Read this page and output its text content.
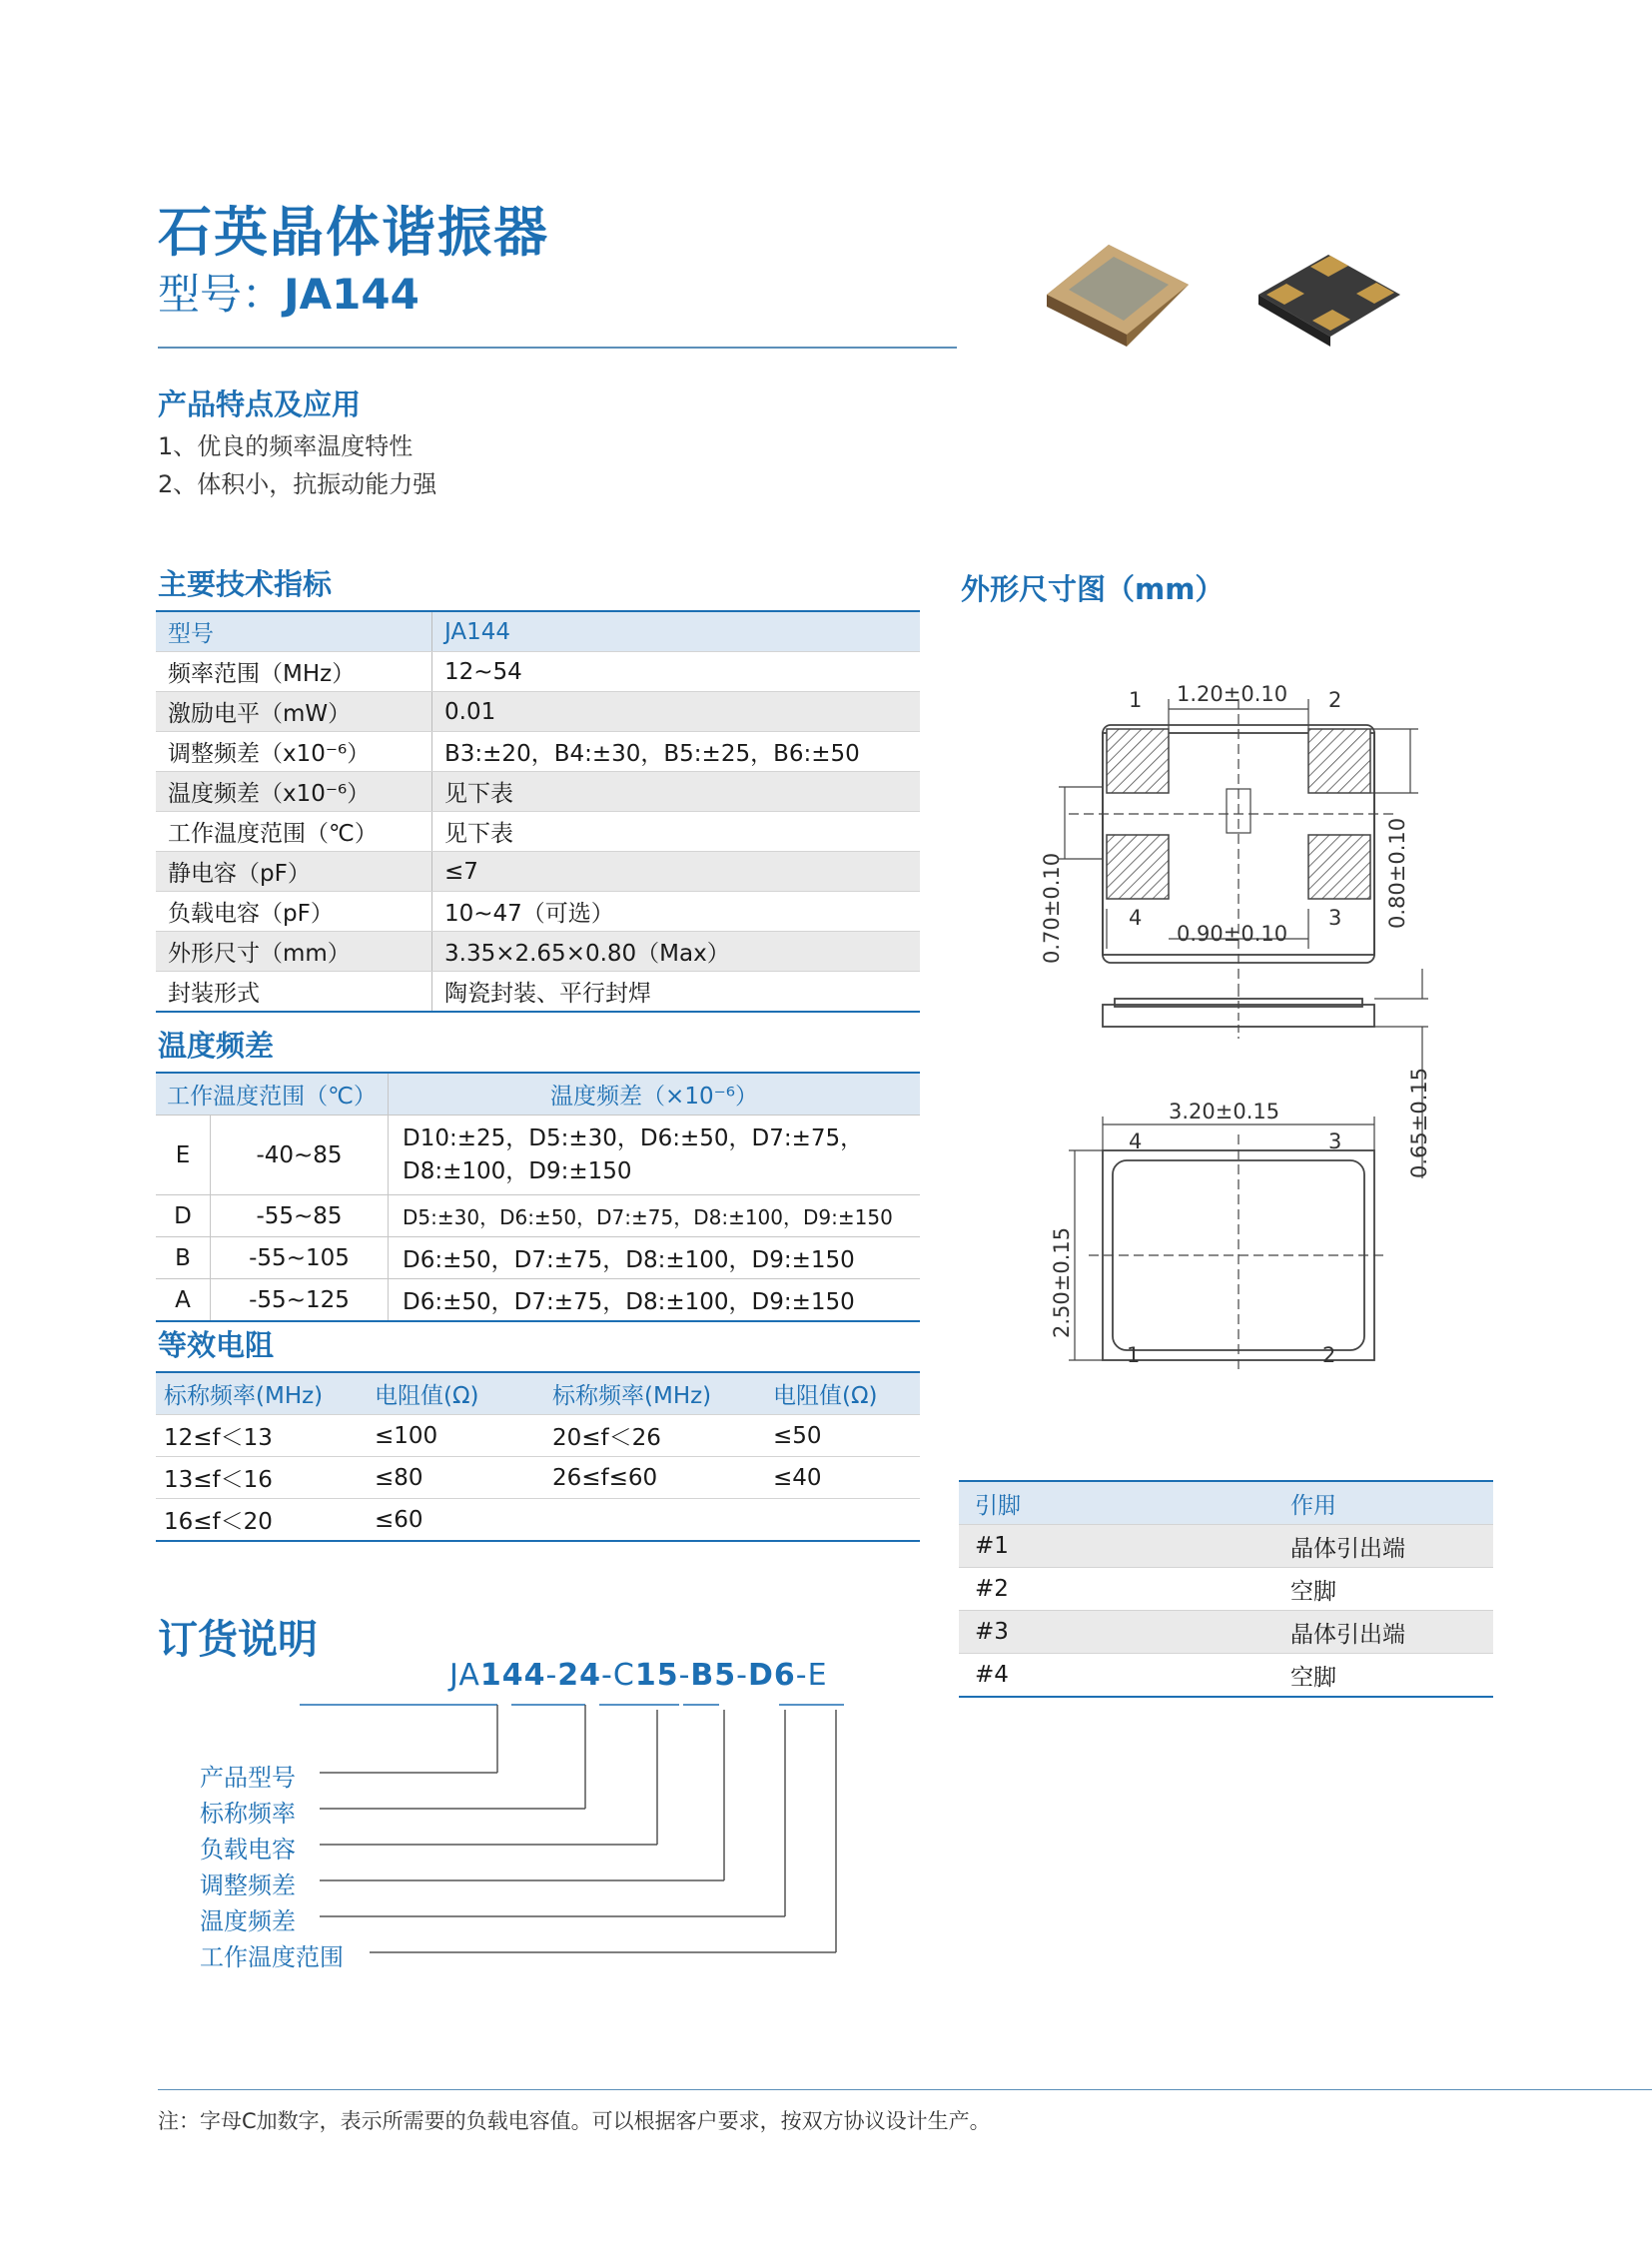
石英晶体谐振器
型号：JA144
产品特点及应用
1、优良的频率温度特性
2、体积小，抗振动能力强
主要技术指标
型号	JA144
频率范围（MHz）	12~54
激励电平（mW）	0.01
调整频差（x10⁻⁶）	B3:±20，B4:±30，B5:±25，B6:±50
温度频差（x10⁻⁶）	见下表
工作温度范围（℃）	见下表
静电容（pF）	≤7
负载电容（pF）	10~47（可选）
外形尺寸（mm）	3.35×2.65×0.80（Max）
封装形式	陶瓷封装、平行封焊
温度频差
工作温度范围（℃）		温度频差（×10⁻⁶）
E	-40~85	D10:±25，D5:±30，D6:±50，D7:±75，
D8:±100，D9:±150

D	-55~85	D5:±30，D6:±50，D7:±75，D8:±100，D9:±150
B	-55~105	D6:±50，D7:±75，D8:±100，D9:±150
A	-55~125	D6:±50，D7:±75，D8:±100，D9:±150
等效电阻
标称频率(MHz)	电阻值(Ω)	标称频率(MHz)	电阻值(Ω)
12≤f＜13	≤100	20≤f＜26	≤50
13≤f＜16	≤80	26≤f≤60	≤40
16≤f＜20	≤60		
外形尺寸图（mm）
1	2
4	3
1.20±0.10
0.90±0.10
0.80±0.10
0.70±0.10
0.65±0.15
3.20±0.15
4	3
2.50±0.15
1	2
引脚	作用
#1	晶体引出端
#2	空脚
#3	晶体引出端
#4	空脚
订货说明
JA144-24-C15-B5-D6-E
产品型号
标称频率
负载电容
调整频差
温度频差
工作温度范围
注：字母C加数字，表示所需要的负载电容值。可以根据客户要求，按双方协议设计生产。
